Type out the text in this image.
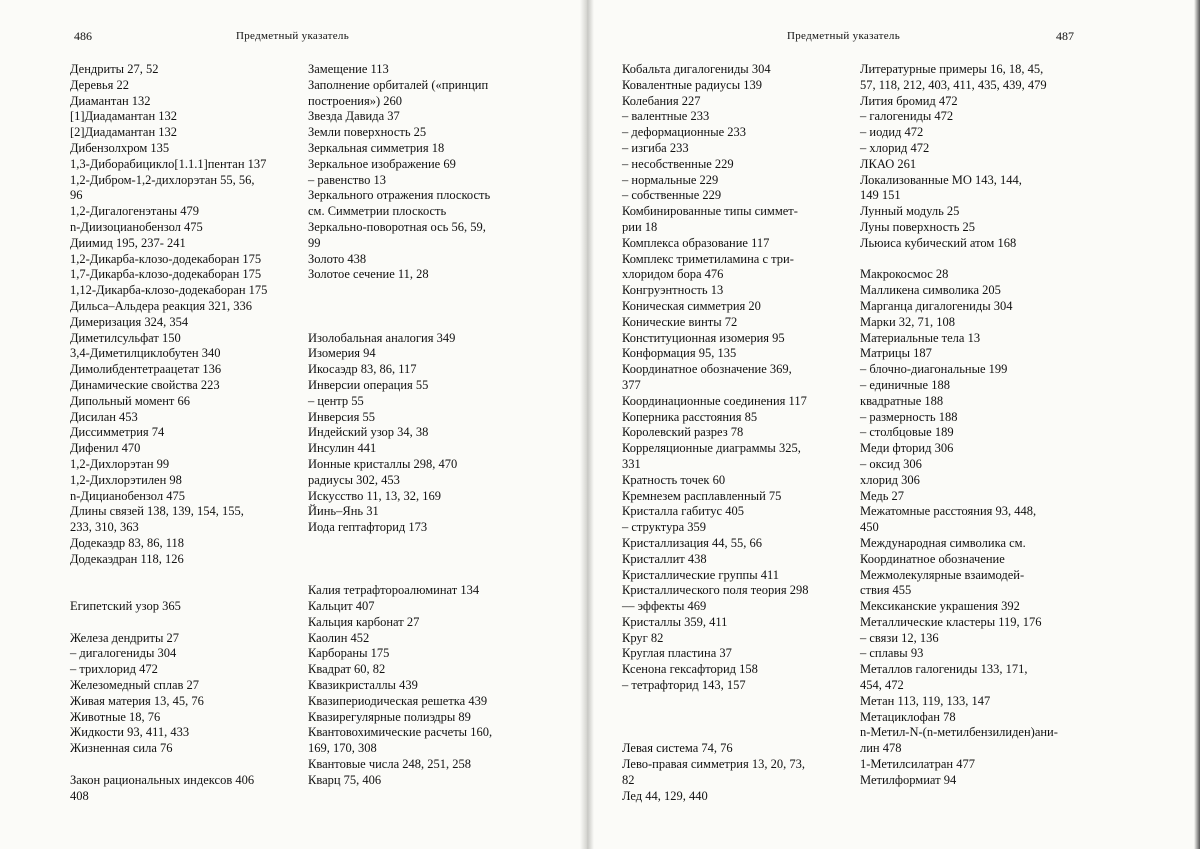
486	Предметный указатель	Предметный указатель	487
Дендриты 27, 52
Деревья 22
Диамантан 132
[1]Диадамантан 132
[2]Диадамантан 132
Дибензолхром 135
1,3-Дибораб​ицикло[1.1.1]пентан 137
1,2-Дибром-1,2-дихлорэтан 55, 56,
96
1,2-Дигалогенэтаны 479
n-Диизоцианобензол 475
Диимид 195, 237- 241
1,2-Дикарба-клозо-додекаборан 175
1,7-Дикарба-клозо-додекаборан 175
1,12-Дикарба-клозо-додекаборан 175
Дильса–Альдера реакция 321, 336
Димеризация 324, 354
Диметилсульфат 150
3,4-Диметилциклобутен 340
Димолибдентетраацетат 136
Динамические свойства 223
Дипольный момент 66
Дисилан 453
Диссимметрия 74
Дифенил 470
1,2-Дихлорэтан 99
1,2-Дихлорэтилен 98
n-Дицианобензол 475
Длины связей 138, 139, 154, 155,
233, 310, 363
Додекаэдр 83, 86, 118
Додекаэдран 118, 126
Египетский узор 365
Железа дендриты 27
– дигалогениды 304
– трихлорид 472
Железомедный сплав 27
Живая материя 13, 45, 76
Животные 18, 76
Жидкости 93, 411, 433
Жизненная сила 76
Закон рациональных индексов 406
408
Замещение 113
Заполнение орбиталей («принцип
построения») 260
Звезда Давида 37
Земли поверхность 25
Зеркальная симметрия 18
Зеркальное изображение 69
– равенство 13
Зеркального отражения плоскость
см. Симметрии плоскость
Зеркально-поворотная ось 56, 59,
99
Золото 438
Золотое сечение 11, 28
Изолобальная аналогия 349
Изомерия 94
Икосаэдр 83, 86, 117
Инверсии операция 55
– центр 55
Инверсия 55
Индейский узор 34, 38
Инсулин 441
Ионные кристаллы 298, 470
радиусы 302, 453
Искусство 11, 13, 32, 169
Йинь–Янь 31
Иода гептафторид 173
Калия тетрафтороалюминат 134
Кальцит 407
Кальция карбонат 27
Каолин 452
Карбораны 175
Квадрат 60, 82
Квазикристаллы 439
Квазипериодическая решетка 439
Квазирегулярные полиэдры 89
Квантовохимические расчеты 160,
169, 170, 308
Квантовые числа 248, 251, 258
Кварц 75, 406
Кобальта дигалогениды 304
Ковалентные радиусы 139
Колебания 227
– валентные 233
– деформационные 233
– изгиба 233
– несобственные 229
– нормальные 229
– собственные 229
Комбинированные типы симмет-
рии 18
Комплекса образование 117
Комплекс триметиламина с три-
хлоридом бора 476
Конгруэнтность 13
Коническая симметрия 20
Конические винты 72
Конституционная изомерия 95
Конформация 95, 135
Координатное обозначение 369,
377
Координационные соединения 117
Коперника расстояния 85
Королевский разрез 78
Корреляционные диаграммы 325,
331
Кратность точек 60
Кремнезем расплавленный 75
Кристалла габитус 405
– структура 359
Кристаллизация 44, 55, 66
Кристаллит 438
Кристаллические группы 411
Кристаллического поля теория 298
–– эффекты 469
Кристаллы 359, 411
Круг 82
Круглая пластина 37
Ксенона гексафторид 158
– тетрафторид 143, 157
Левая система 74, 76
Лево-правая симметрия 13, 20, 73,
82
Лед 44, 129, 440
Литературные примеры 16, 18, 45,
57, 118, 212, 403, 411, 435, 439, 479
Лития бромид 472
– галогениды 472
– иодид 472
– хлорид 472
ЛКАО 261
Локализованные МО 143, 144,
149 151
Лунный модуль 25
Луны поверхность 25
Льюиса кубический атом 168
Макрокосмос 28
Малликена символика 205
Марганца дигалогениды 304
Марки 32, 71, 108
Материальные тела 13
Матрицы 187
– блочно-диагональные 199
– единичные 188
квадратные 188
– размерность 188
– столбцовые 189
Меди фторид 306
– оксид 306
хлорид 306
Медь 27
Межатомные расстояния 93, 448,
450
Международная символика см.
Координатное обозначение
Межмолекулярные взаимодей-
ствия 455
Мексиканские украшения 392
Металлические кластеры 119, 176
– связи 12, 136
– сплавы 93
Металлов галогениды 133, 171,
454, 472
Метан 113, 119, 133, 147
Метациклофан 78
n-Метил-N-(n-метилбензилиден)ани-
лин 478
1-Метилсилатран 477
Метилформиат 94
